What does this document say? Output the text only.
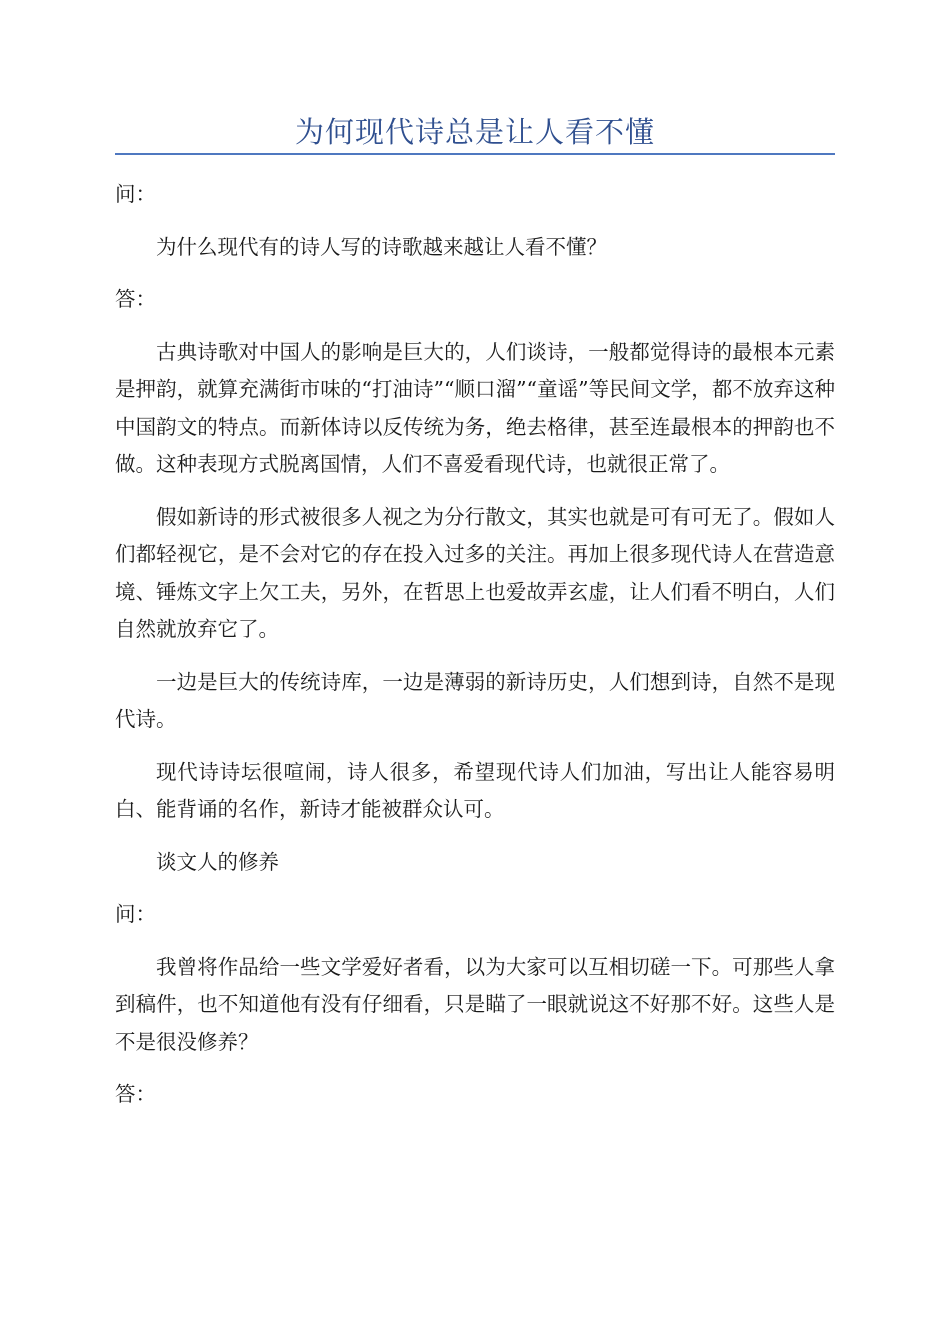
为何现代诗总是让人看不懂

问：

为什么现代有的诗人写的诗歌越来越让人看不懂？

答：

古典诗歌对中国人的影响是巨大的，人们谈诗，一般都觉得诗的最根本元素是押韵，就算充满街市味的“打油诗”“顺口溜”“童谣”等民间文学，都不放弃这种中国韵文的特点。而新体诗以反传统为务，绝去格律，甚至连最根本的押韵也不做。这种表现方式脱离国情，人们不喜爱看现代诗，也就很正常了。

假如新诗的形式被很多人视之为分行散文，其实也就是可有可无了。假如人们都轻视它，是不会对它的存在投入过多的关注。再加上很多现代诗人在营造意境、锤炼文字上欠工夫，另外，在哲思上也爱故弄玄虚，让人们看不明白，人们自然就放弃它了。

一边是巨大的传统诗库，一边是薄弱的新诗历史，人们想到诗，自然不是现代诗。

现代诗诗坛很喧闹，诗人很多，希望现代诗人们加油，写出让人能容易明白、能背诵的名作，新诗才能被群众认可。

谈文人的修养

问：

我曾将作品给一些文学爱好者看，以为大家可以互相切磋一下。可那些人拿到稿件，也不知道他有没有仔细看，只是瞄了一眼就说这不好那不好。这些人是不是很没修养？

答：
